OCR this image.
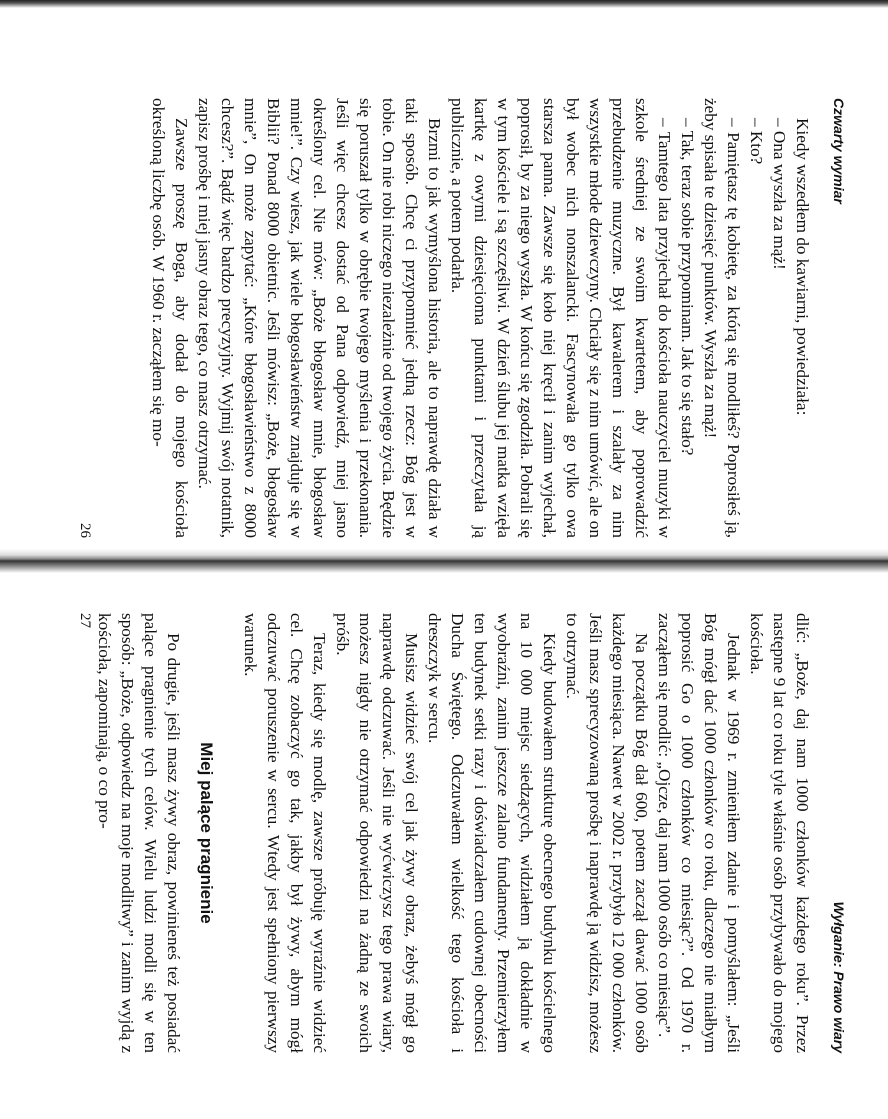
Czwarty wymiar

Kiedy wszedłem do kawiarni, powiedziała:

– Ona wyszła za mąż!

– Kto?

– Pamiętasz tę kobietę, za którą się modliłeś? Poprosiłeś ją, żeby spisała te dziesięć punktów. Wyszła za mąż!

– Tak, teraz sobie przypominam. Jak to się stało?

– Tamtego lata przyjechał do kościoła nauczyciel muzyki w szkole średniej ze swoim kwartetem, aby poprowadzić przebudzenie muzyczne. Był kawalerem i szalały za nim wszystkie młode dziewczyny. Chciały się z nim umówić, ale on był wobec nich nonszalancki. Fascynowała go tylko owa starsza panna. Zawsze się koło niej kręcił i zanim wyjechał, poprosił, by za niego wyszła. W końcu się zgodziła. Pobrali się w tym kościele i są szczęśliwi. W dzień ślubu jej matka wzięła kartkę z owymi dziesięcioma punktami i przeczytała ją publicznie, a potem podarła.

Brzmi to jak wymyślona historia, ale to naprawdę działa w taki sposób. Chcę ci przypomnieć jedną rzecz: Bóg jest w tobie. On nie robi niczego niezależnie od twojego życia. Będzie się poruszał tylko w obrębie twojego myślenia i przekonania. Jeśli więc chcesz dostać od Pana odpowiedź, miej jasno określony cel. Nie mów: „Boże błogosław mnie, błogosław mnie!”. Czy wiesz, jak wiele błogosławieństw znajduje się w Biblii? Ponad 8000 obietnic. Jeśli mówisz: „Boże, błogosław mnie”, On może zapytać: „Które błogosławieństwo z 8000 chcesz?”. Bądź więc bardzo precyzyjny. Wyjmij swój notatnik, zapisz prośbę i miej jasny obraz tego, co masz otrzymać.

Zawsze proszę Boga, aby dodał do mojego kościoła określoną liczbę osób. W 1960 r. zacząłem się mo-

26
Wyłganie: Prawo wiary

dlić: „Boże, daj nam 1000 członków każdego roku”. Przez następne 9 lat co roku tyle właśnie osób przybywało do mojego kościoła.

Jednak w 1969 r. zmieniłem zdanie i pomyślałem: „Jeśli Bóg mógł dać 1000 członków co roku, dlaczego nie miałbym poprosić Go o 1000 członków co miesiąc?”. Od 1970 r. zacząłem się modlić: „Ojcze, daj nam 1000 osób co miesiąc”.

Na początku Bóg dał 600, potem zaczął dawać 1000 osób każdego miesiąca. Nawet w 2002 r. przybyło 12 000 członków. Jeśli masz sprecyzowaną prośbę i naprawdę ją widzisz, możesz to otrzymać.

Kiedy budowałem strukturę obecnego budynku kościelnego na 10 000 miejsc siedzących, widziałem ją dokładnie w wyobraźni, zanim jeszcze zalano fundamenty. Przemierzyłem ten budynek setki razy i doświadczałem cudownej obecności Ducha Świętego. Odczuwałem wielkość tego kościoła i dreszczyk w sercu.

Musisz widzieć swój cel jak żywy obraz, żebyś mógł go naprawdę odczuwać. Jeśli nie wyćwiczysz tego prawa wiary, możesz nigdy nie otrzymać odpowiedzi na żadną ze swoich próśb.

Teraz, kiedy się modlę, zawsze próbuję wyraźnie widzieć cel. Chcę zobaczyć go tak, jakby był żywy, abym mógł odczuwać poruszenie w sercu. Wtedy jest spełniony pierwszy warunek.

Miej palące pragnienie

Po drugie, jeśli masz żywy obraz, powinieneś też posiadać palące pragnienie tych celów. Wielu ludzi modli się w ten sposób: „Boże, odpowiedz na moje modlitwy” i zanim wyjdą z kościoła, zapominają, o co pro-

27
